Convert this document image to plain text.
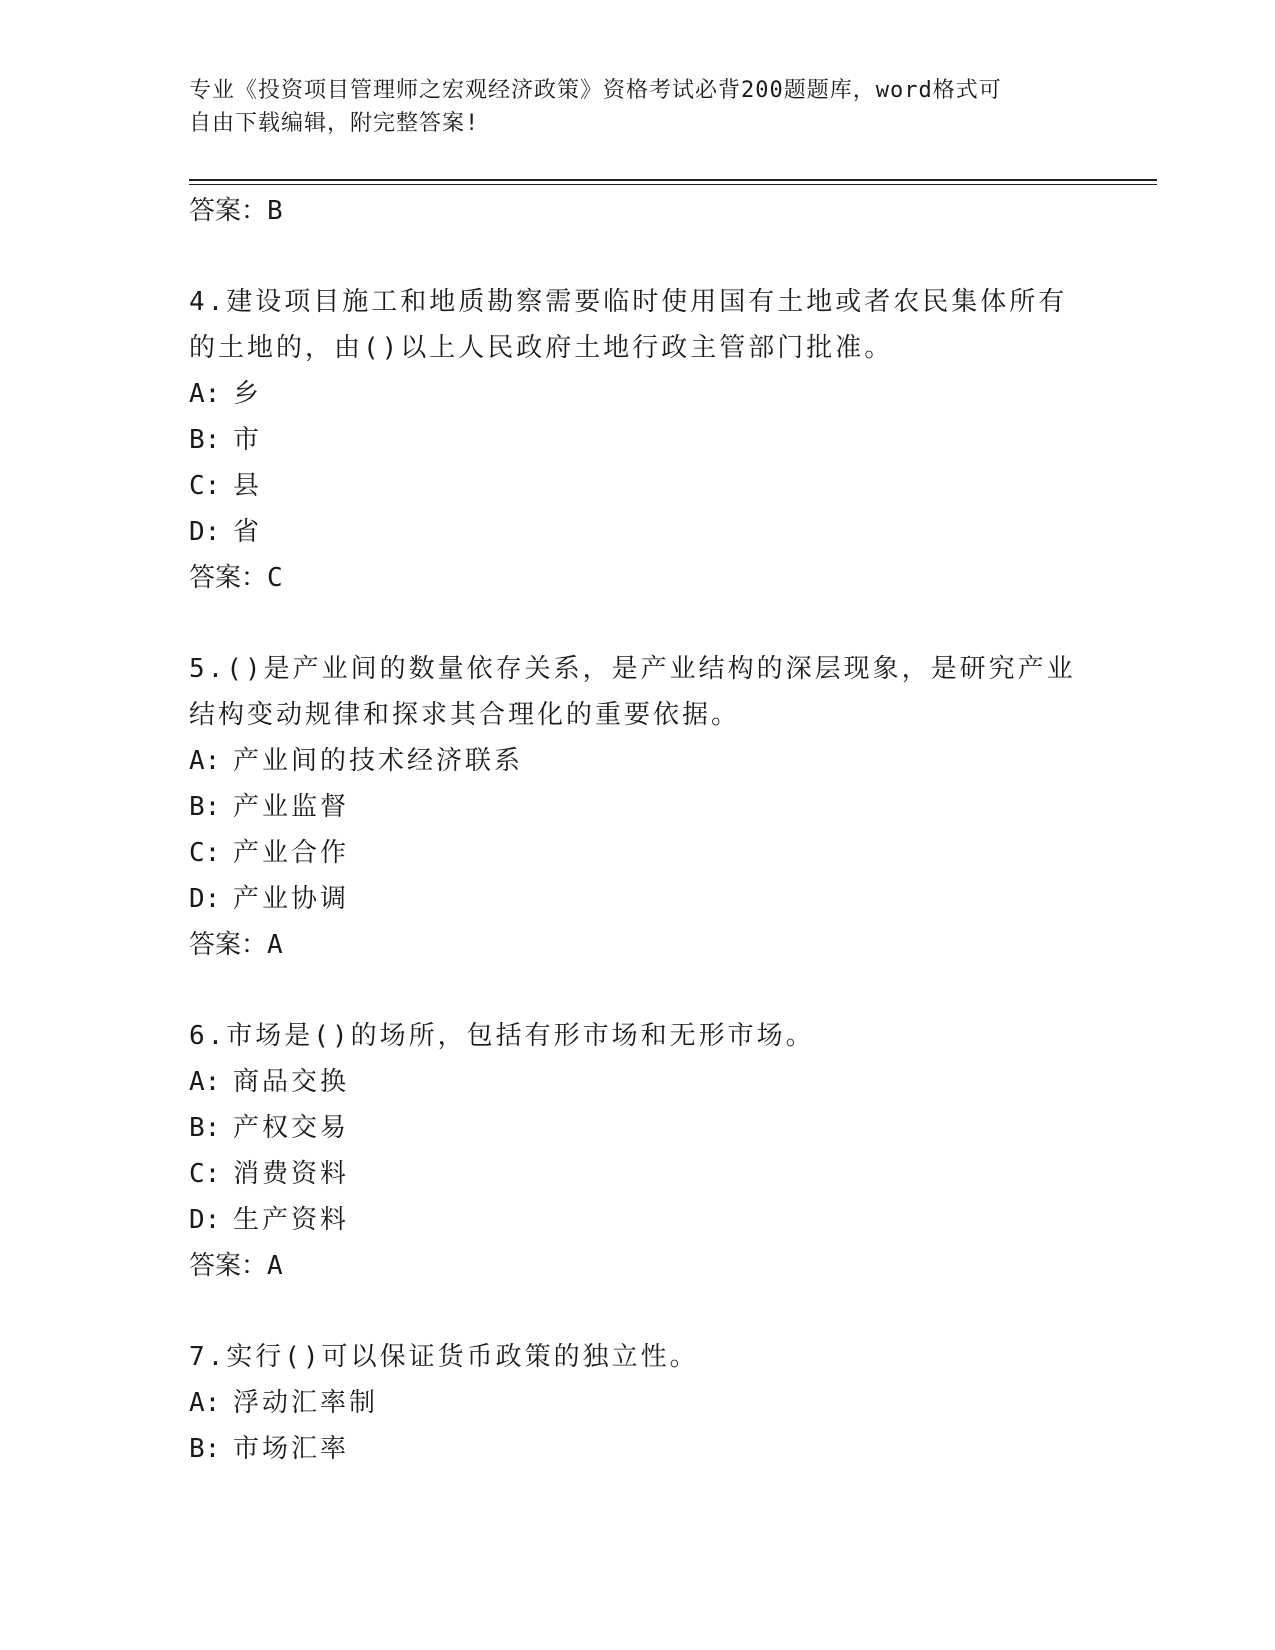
专业《投资项目管理师之宏观经济政策》资格考试必背200题题库，word格式可
自由下载编辑，附完整答案!
答案：B
4.建设项目施工和地质勘察需要临时使用国有土地或者农民集体所有
的土地的，由()以上人民政府土地行政主管部门批准。
A: 乡
B: 市
C: 县
D: 省
答案：C
5.()是产业间的数量依存关系，是产业结构的深层现象，是研究产业
结构变动规律和探求其合理化的重要依据。
A: 产业间的技术经济联系
B: 产业监督
C: 产业合作
D: 产业协调
答案：A
6.市场是()的场所，包括有形市场和无形市场。
A: 商品交换
B: 产权交易
C: 消费资料
D: 生产资料
答案：A
7.实行()可以保证货币政策的独立性。
A: 浮动汇率制
B: 市场汇率
